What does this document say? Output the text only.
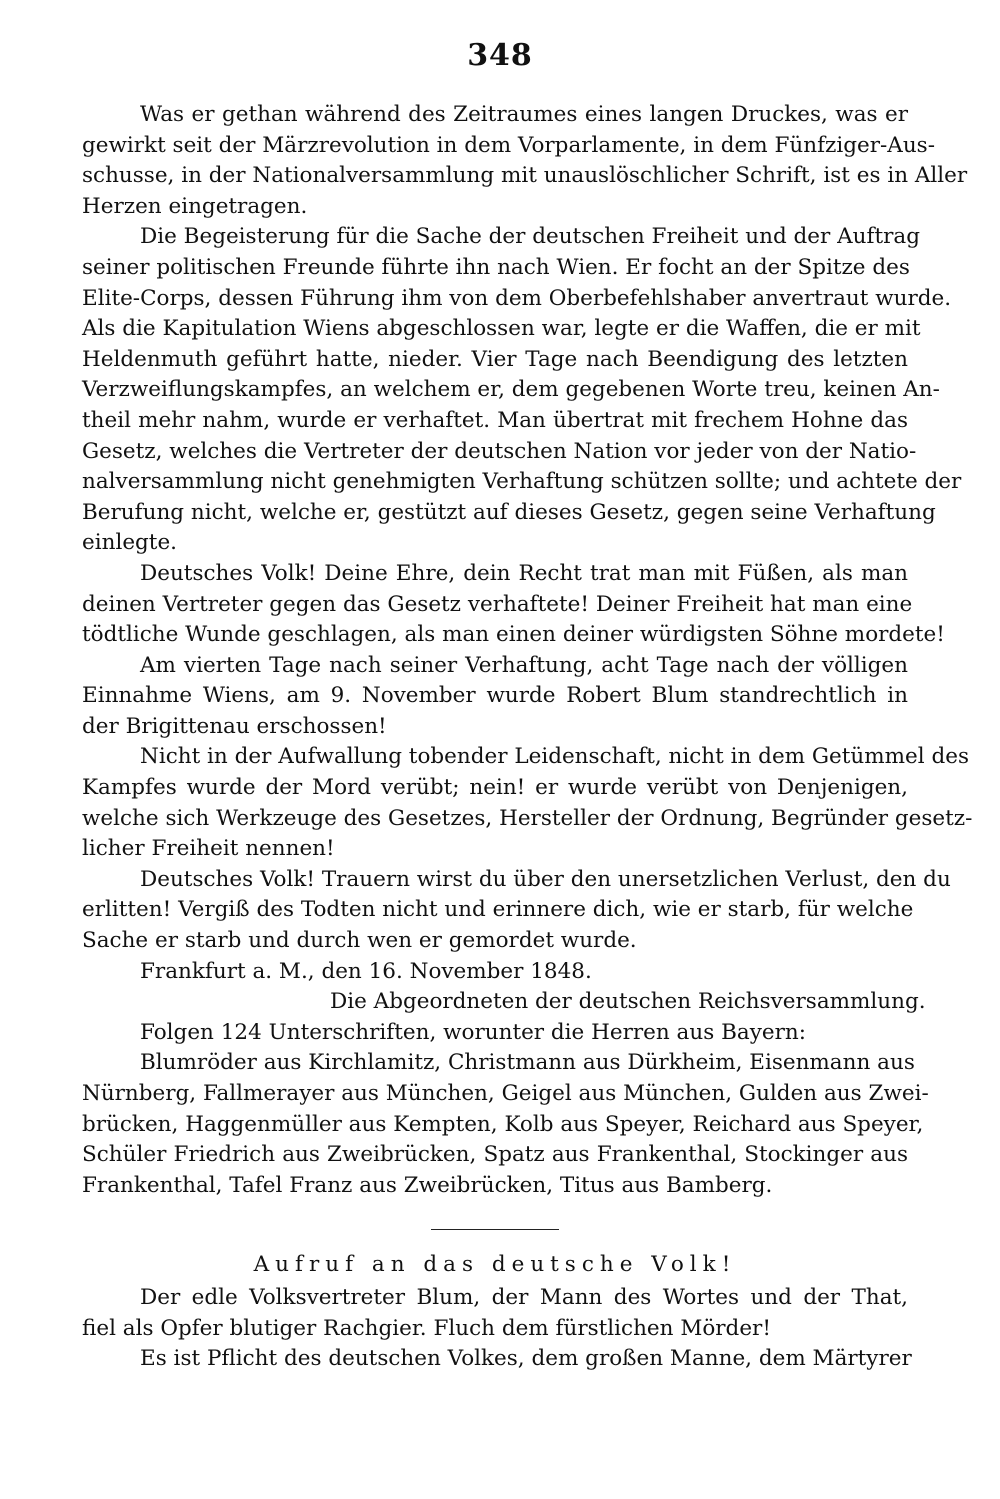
348
Was er gethan während des Zeitraumes eines langen Druckes, was er
gewirkt seit der Märzrevolution in dem Vorparlamente, in dem Fünfziger-Aus-
schusse, in der Nationalversammlung mit unauslöschlicher Schrift, ist es in Aller
Herzen eingetragen.
Die Begeisterung für die Sache der deutschen Freiheit und der Auftrag
seiner politischen Freunde führte ihn nach Wien. Er focht an der Spitze des
Elite-Corps, dessen Führung ihm von dem Oberbefehlshaber anvertraut wurde.
Als die Kapitulation Wiens abgeschlossen war, legte er die Waffen, die er mit
Heldenmuth geführt hatte, nieder. Vier Tage nach Beendigung des letzten
Verzweiflungskampfes, an welchem er, dem gegebenen Worte treu, keinen An-
theil mehr nahm, wurde er verhaftet. Man übertrat mit frechem Hohne das
Gesetz, welches die Vertreter der deutschen Nation vor jeder von der Natio-
nalversammlung nicht genehmigten Verhaftung schützen sollte; und achtete der
Berufung nicht, welche er, gestützt auf dieses Gesetz, gegen seine Verhaftung
einlegte.
Deutsches Volk! Deine Ehre, dein Recht trat man mit Füßen, als man
deinen Vertreter gegen das Gesetz verhaftete! Deiner Freiheit hat man eine
tödtliche Wunde geschlagen, als man einen deiner würdigsten Söhne mordete!
Am vierten Tage nach seiner Verhaftung, acht Tage nach der völligen
Einnahme Wiens, am 9. November wurde Robert Blum standrechtlich in
der Brigittenau erschossen!
Nicht in der Aufwallung tobender Leidenschaft, nicht in dem Getümmel des
Kampfes wurde der Mord verübt; nein! er wurde verübt von Denjenigen,
welche sich Werkzeuge des Gesetzes, Hersteller der Ordnung, Begründer gesetz-
licher Freiheit nennen!
Deutsches Volk! Trauern wirst du über den unersetzlichen Verlust, den du
erlitten! Vergiß des Todten nicht und erinnere dich, wie er starb, für welche
Sache er starb und durch wen er gemordet wurde.
Frankfurt a. M., den 16. November 1848.
Die Abgeordneten der deutschen Reichsversammlung.
Folgen 124 Unterschriften, worunter die Herren aus Bayern:
Blumröder aus Kirchlamitz, Christmann aus Dürkheim, Eisenmann aus
Nürnberg, Fallmerayer aus München, Geigel aus München, Gulden aus Zwei-
brücken, Haggenmüller aus Kempten, Kolb aus Speyer, Reichard aus Speyer,
Schüler Friedrich aus Zweibrücken, Spatz aus Frankenthal, Stockinger aus
Frankenthal, Tafel Franz aus Zweibrücken, Titus aus Bamberg.
Aufruf an das deutsche Volk!
Der edle Volksvertreter Blum, der Mann des Wortes und der That,
fiel als Opfer blutiger Rachgier. Fluch dem fürstlichen Mörder!
Es ist Pflicht des deutschen Volkes, dem großen Manne, dem Märtyrer
